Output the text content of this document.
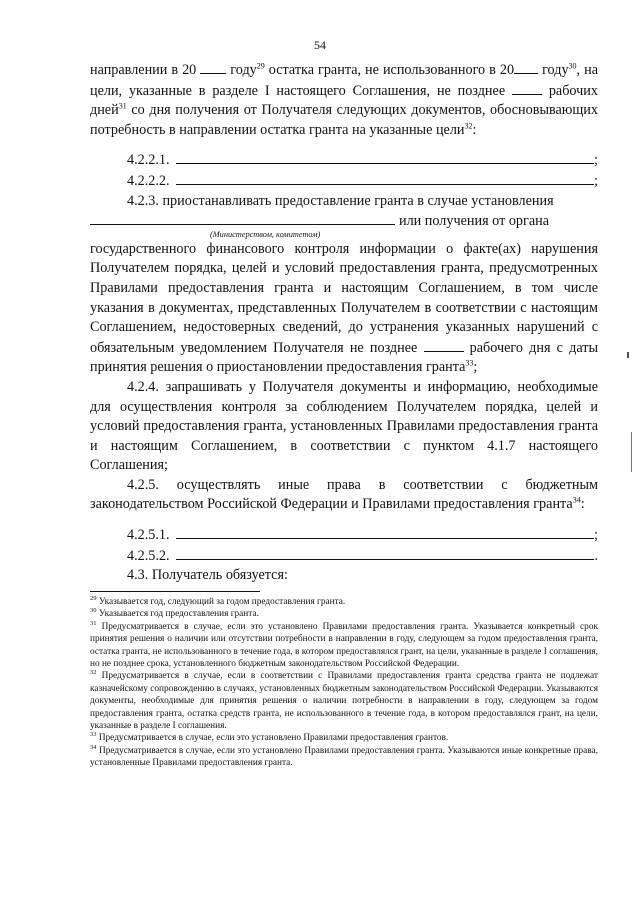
54

направлении в 20  году$^{29}$ остатка гранта, не использованного в 20 году$^{30}$, на цели, указанные в разделе I настоящего Соглашения, не позднее  рабочих дней$^{31}$ со дня получения от Получателя следующих документов, обосновывающих потребность в направлении остатка гранта на указанные цели$^{32}$:

4.2.2.1.	;
4.2.2.2.	;

4.2.3. приостанавливать предоставление гранта в случае установления

или получения от органа
(Министерством, комитетом)

государственного финансового контроля информации о факте(ах) нарушения Получателем порядка, целей и условий предоставления гранта, предусмотренных Правилами предоставления гранта и настоящим Соглашением, в том числе указания в документах, представленных Получателем в соответствии с настоящим Соглашением, недостоверных сведений, до устранения указанных нарушений с обязательным уведомлением Получателя не позднее	рабочего дня с даты принятия решения о приостановлении предоставления гранта$^{33}$;

4.2.4. запрашивать у Получателя документы и информацию, необходимые для осуществления контроля за соблюдением Получателем порядка, целей и условий предоставления гранта, установленных Правилами предоставления гранта и настоящим Соглашением, в соответствии с пунктом 4.1.7 настоящего Соглашения;

4.2.5. осуществлять иные права в соответствии с бюджетным законодательством Российской Федерации и Правилами предоставления гранта$^{34}$:

4.2.5.1.	;
4.2.5.2.	.

4.3. Получатель обязуется:

$^{29}$ Указывается год, следующий за годом предоставления гранта.

$^{30}$ Указывается год предоставления гранта.

$^{31}$ Предусматривается в случае, если это установлено Правилами предоставления гранта. Указывается конкретный срок принятия решения о наличии или отсутствии потребности в направлении в году, следующем за годом предоставления гранта, остатка гранта, не использованного в течение года, в котором предоставлялся грант, на цели, указанные в разделе I соглашения, но не позднее срока, установленного бюджетным законодательством Российской Федерации.

$^{32}$ Предусматривается в случае, если в соответствии с Правилами предоставления гранта средства гранта не подлежат казначейскому сопровождению в случаях, установленных бюджетным законодательством Российской Федерации. Указываются документы, необходимые для принятия решения о наличии потребности в направлении в году, следующем за годом предоставления гранта, остатка средств гранта, не использованного в течение года, в котором предоставлялся грант, на цели, указанные в разделе I соглашения.

$^{33}$ Предусматривается в случае, если это установлено Правилами предоставления грантов.

$^{34}$ Предусматривается в случае, если это установлено Правилами предоставления гранта. Указываются иные конкретные права, установленные Правилами предоставления гранта.
